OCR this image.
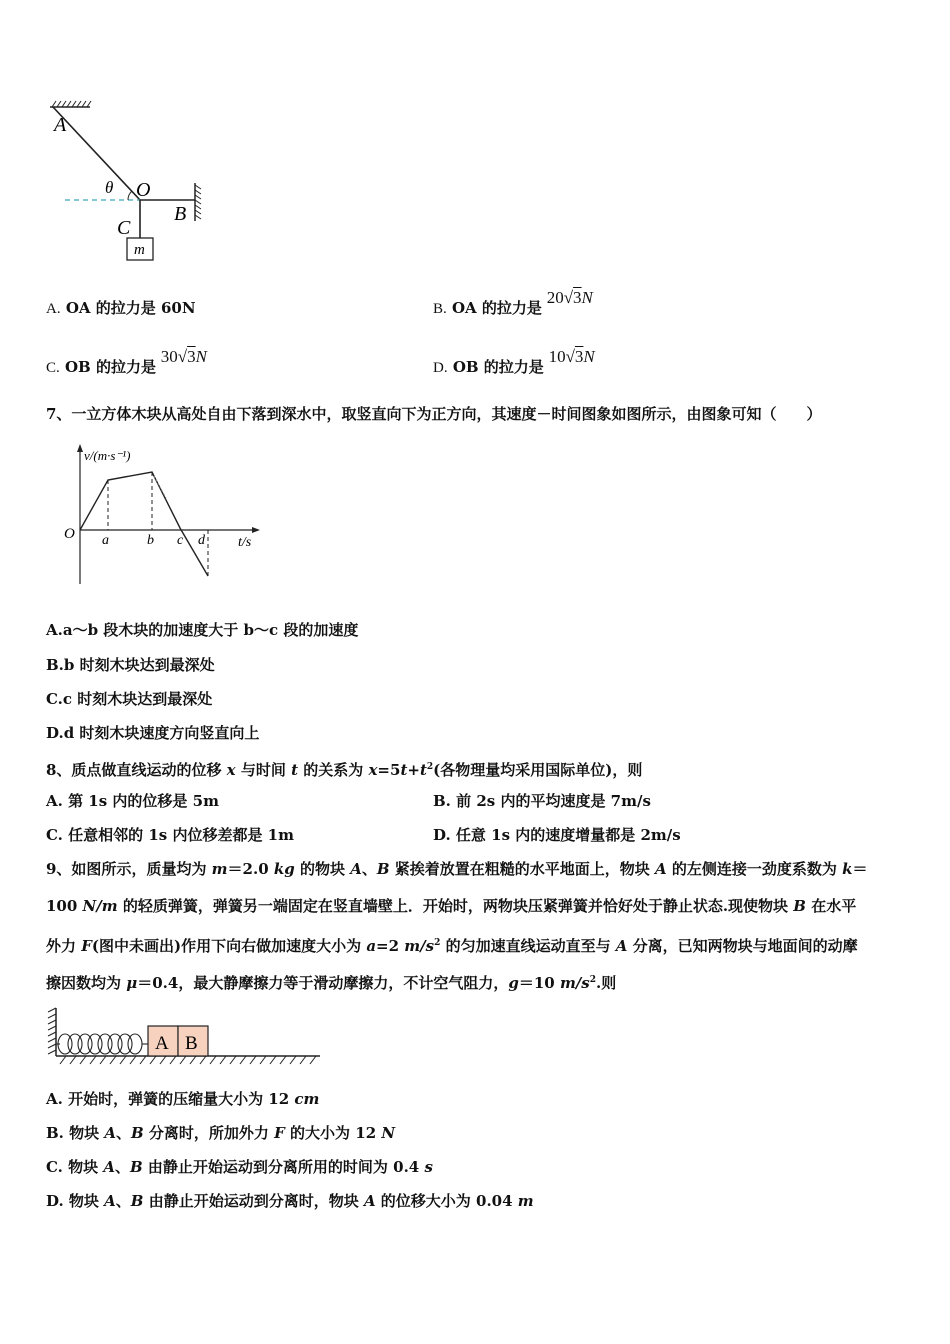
A
θ O
B
C
m
A. OA 的拉力是 60N	B. OA 的拉力是 20√3N
C. OB 的拉力是 30√3N
D. OB 的拉力是 10√3N
7、一立方体木块从高处自由下落到深水中，取竖直向下为正方向，其速度－时间图象如图所示，由图象可知（　　）
v/(m·s⁻¹)
O a	b c d t/s
A.a～b 段木块的加速度大于 b～c 段的加速度
B.b 时刻木块达到最深处
C.c 时刻木块达到最深处
D.d 时刻木块速度方向竖直向上
8、质点做直线运动的位移 x 与时间 t 的关系为 $x=5t+t^2$(各物理量均采用国际单位)，则
A. 第 1s 内的位移是 5m	B. 前 2s 内的平均速度是 7m/s
C. 任意相邻的 1s 内位移差都是 1m	D. 任意 1s 内的速度增量都是 2m/s
9、如图所示，质量均为 m＝2.0 kg 的物块 A、B 紧挨着放置在粗糙的水平地面上，物块 A 的左侧连接一劲度系数为 k＝
100 N/m 的轻质弹簧，弹簧另一端固定在竖直墙壁上．开始时，两物块压紧弹簧并恰好处于静止状态.现使物块 B 在水平
外力 F(图中未画出)作用下向右做加速度大小为 a=2 $m/s^2$ 的匀加速直线运动直至与 A 分离，已知两物块与地面间的动摩
擦因数均为 μ＝0.4，最大静摩擦力等于滑动摩擦力，不计空气阻力，g＝10 $m/s^2$.则
A B
A. 开始时，弹簧的压缩量大小为 12 cm
B. 物块 A、B 分离时，所加外力 F 的大小为 12 N
C. 物块 A、B 由静止开始运动到分离所用的时间为 0.4 s
D. 物块 A、B 由静止开始运动到分离时，物块 A 的位移大小为 0.04 m
